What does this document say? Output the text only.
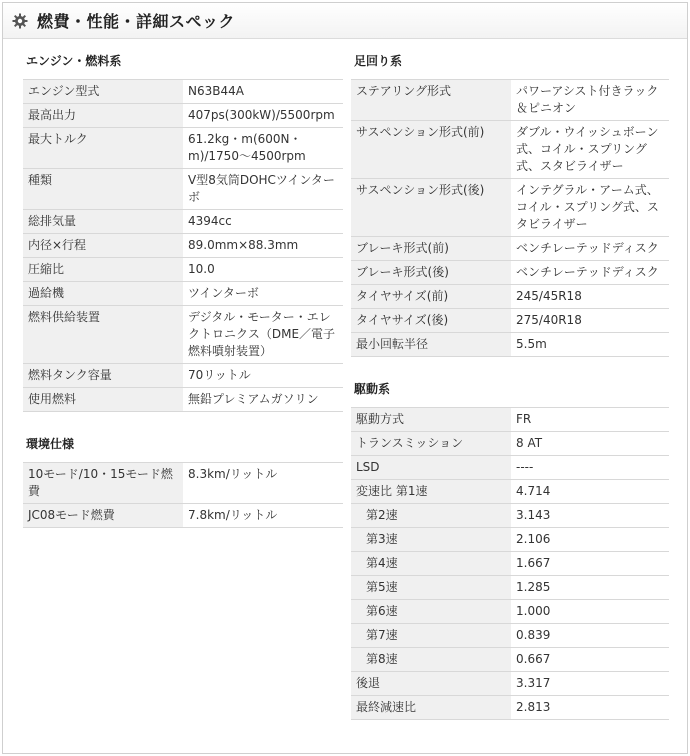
燃費・性能・詳細スペック
エンジン・燃料系
エンジン型式	N63B44A
最高出力	407ps(300kW)/5500rpm
最大トルク	61.2kg・m(600N・m)/1750〜4500rpm
種類	V型8気筒DOHCツインターボ
総排気量	4394cc
内径×行程	89.0mm×88.3mm
圧縮比	10.0
過給機	ツインターボ
燃料供給装置	デジタル・モーター・エレクトロニクス（DME／電子燃料噴射装置）
燃料タンク容量	70リットル
使用燃料	無鉛プレミアムガソリン
環境仕様
10モード/10・15モード燃費	8.3km/リットル
JC08モード燃費	7.8km/リットル
足回り系
ステアリング形式	パワーアシスト付きラック＆ピニオン
サスペンション形式(前)	ダブル・ウイッシュボーン式、コイル・スプリング式、スタビライザー
サスペンション形式(後)	インテグラル・アーム式、コイル・スプリング式、スタビライザー
ブレーキ形式(前)	ベンチレーテッドディスク
ブレーキ形式(後)	ベンチレーテッドディスク
タイヤサイズ(前)	245/45R18
タイヤサイズ(後)	275/40R18
最小回転半径	5.5m
駆動系
駆動方式	FR
トランスミッション	8 AT
LSD	----
変速比 第1速	4.714
第2速	3.143
第3速	2.106
第4速	1.667
第5速	1.285
第6速	1.000
第7速	0.839
第8速	0.667
後退	3.317
最終減速比	2.813
